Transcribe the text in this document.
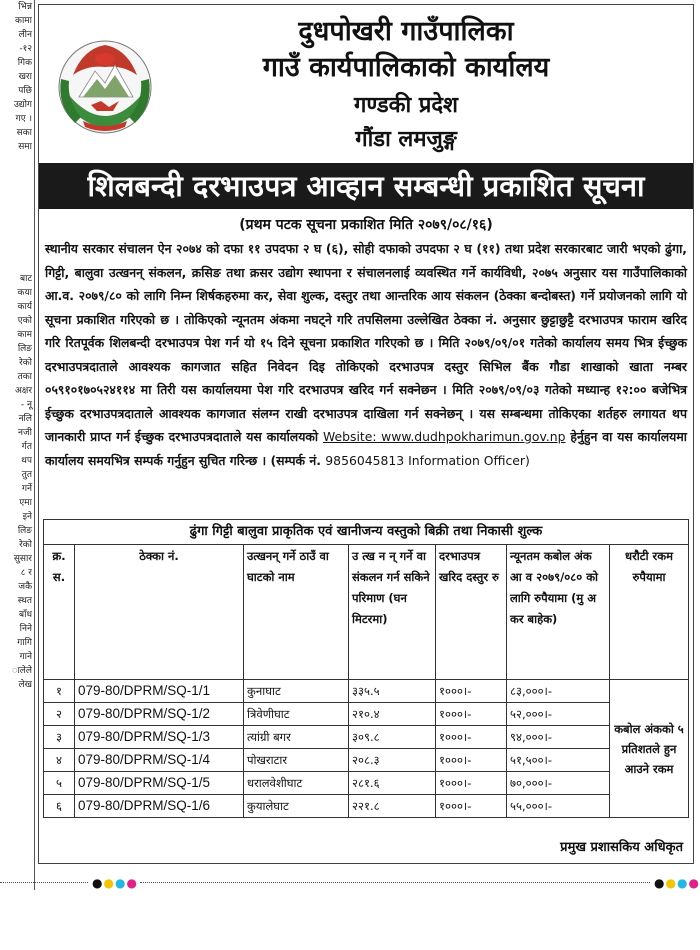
भिन्न
कामा
लीन
-१२
गिक
खरा
पछि
उद्योग
गए ।
सका
समा
बाट
कया
कार्य
एको
काम
लिङ
रेको
तका
अक्षर
- नू
नलि
नजी
र्गत
थप
तुत
गर्ने
एमा
इने
लिङ
रेको
सुसार
८ र
जकै
स्थत
बाँध
निने
गागि
गाने
ालेले
लेख
दुधपोखरी गाउँपालिका
गाउँ कार्यपालिकाको कार्यालय
गण्डकी प्रदेश
गौंडा लमजुङ्ग
शिलबन्दी दरभाउपत्र आव्हान सम्बन्धी प्रकाशित सूचना
(प्रथम पटक सूचना प्रकाशित मिति २०७९/०८/१६)
स्थानीय सरकार संचालन ऐन २०७४ को दफा ११ उपदफा २ घ (६), सोही दफाको उपदफा २ घ (११) तथा प्रदेश सरकारबाट जारी भएको ढुंगा, गिट्टी, बालुवा उत्खनन् संकलन, क्रसिङ तथा क्रसर उद्योग स्थापना र संचालनलाई व्यवस्थित गर्ने कार्यविधी, २०७५ अनुसार यस गाउँपालिकाको आ.व. २०७९/८० को लागि निम्न शिर्षकहरुमा कर, सेवा शुल्क, दस्तुर तथा आन्तरिक आय संकलन (ठेक्का बन्दोबस्त) गर्ने प्रयोजनको लागि यो सूचना प्रकाशित गरिएको छ । तोकिएको न्यूनतम अंकमा नघट्ने गरि तपसिलमा उल्लेखित ठेक्का नं. अनुसार छुट्टाछुट्टै दरभाउपत्र फाराम खरिद गरि रितपूर्वक शिलबन्दी दरभाउपत्र पेश गर्न यो १५ दिने सूचना प्रकाशित गरिएको छ । मिति २०७९/०९/०१ गतेको कार्यालय समय भित्र ईच्छुक दरभाउपत्रदाताले आवश्यक कागजात सहित निवेदन दिइ तोकिएको दरभाउपत्र दस्तुर सिभिल बैंक गौडा शाखाको खाता नम्बर ०५९१०१७०५२४११४ मा तिरी यस कार्यालयमा पेश गरि दरभाउपत्र खरिद गर्न सक्नेछन । मिति २०७९/०९/०३ गतेको मध्यान्ह १२:०० बजेभित्र ईच्छुक दरभाउपत्रदाताले आवश्यक कागजात संलग्न राखी दरभाउपत्र दाखिला गर्न सक्नेछन् । यस सम्बन्धमा तोकिएका शर्तहरु लगायत थप जानकारी प्राप्त गर्न ईच्छुक दरभाउपत्रदाताले यस कार्यालयको Website: www.dudhpokharimun.gov.np हेर्नुहुन वा यस कार्यालयमा कार्यालय समयभित्र सम्पर्क गर्नुहुन सुचित गरिन्छ । (सम्पर्क नं. 9856045813 Information Officer)
ढुंगा गिट्टी बालुवा प्राकृतिक एवं खानीजन्य वस्तुको बिक्री तथा निकासी शुल्क						
क्र. स.	ठेक्का नं.	उत्खनन् गर्ने ठाउँ वा घाटको नाम	उ त्ख न न् गर्ने वा संकलन गर्न सकिने परिमाण (घन मिटरमा)	दरभाउपत्र खरिद दस्तुर रु	न्यूनतम कबोल अंक आ व २०७९/०८० को लागि रुपैयामा (मु अ कर बाहेक)	धरौटी रकम रुपैयामा
१	079-80/DPRM/SQ-1/1	कुनाघाट	३३५.५	१०००।-	८३,०००।-	कबोल अंकको ५ प्रतिशतले हुन आउने रकम
२	079-80/DPRM/SQ-1/2	त्रिवेणीघाट	२१०.४	१०००।-	५२,०००।-	
३	079-80/DPRM/SQ-1/3	त्यांग्री बगर	३०९.८	१०००।-	९४,०००।-	
४	079-80/DPRM/SQ-1/4	पोखराटार	२०८.३	१०००।-	५१,५००।-	
५	079-80/DPRM/SQ-1/5	धरालवेशीघाट	२८१.६	१०००।-	७०,०००।-	
६	079-80/DPRM/SQ-1/6	कुयालेघाट	२२१.८	१०००।-	५५,०००।-	
प्रमुख प्रशासकिय अधिकृत
●●●●	●●●●
